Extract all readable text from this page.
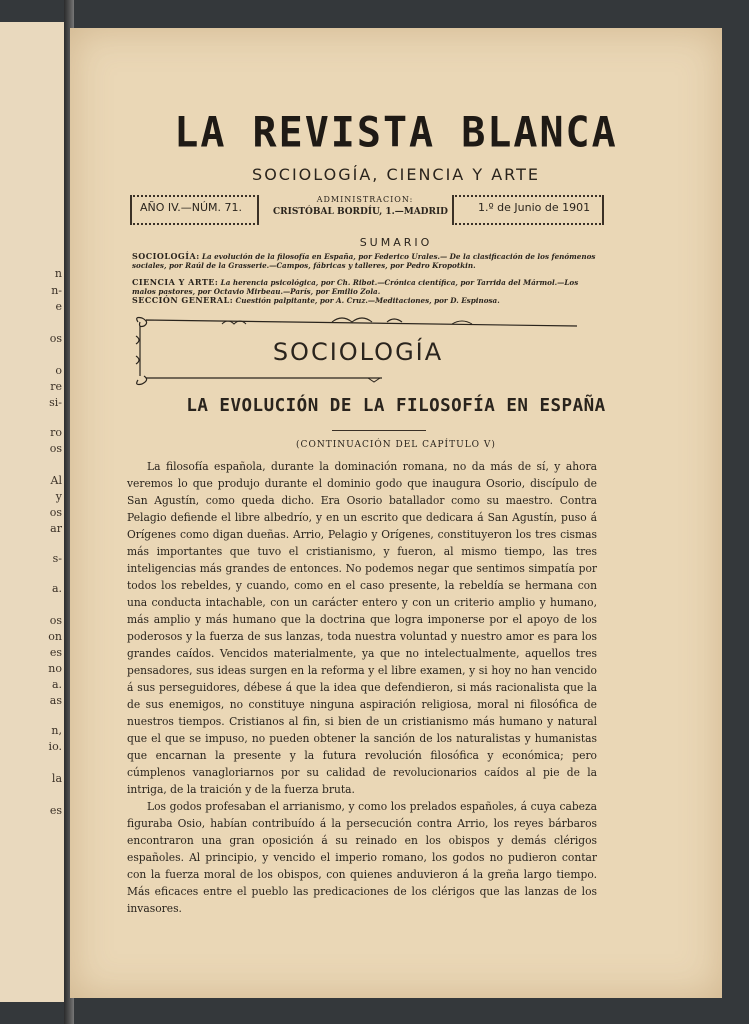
n
n-
e
os
o
re
si-
ro
os
Al
y
os
ar
s-
a.
os
on
es
no
a.
as
n,
io.
la
es
LA REVISTA BLANCA
SOCIOLOGÍA, CIENCIA Y ARTE
AÑO IV.—NÚM. 71.
ADMINISTRACION:
CRISTÓBAL BORDÍU, 1.—MADRID	1.º de Junio de 1901
SUMARIO
SOCIOLOGÍA: La evolución de la filosofía en España, por Federico Urales.— De la clasificación de los fenómenos sociales, por Raúl de la Grasserie.—Campos, fábricas y talleres, por Pedro Kropotkin.
CIENCIA Y ARTE: La herencia psicológica, por Ch. Ribot.—Crónica científica, por Tarrida del Mármol.—Los malos pastores, por Octavio Mirbeau.—París, por Emilio Zola.
SECCIÓN GENERAL: Cuestión palpitante, por A. Cruz.—Meditaciones, por D. Espinosa.
SOCIOLOGÍA
LA EVOLUCIÓN DE LA FILOSOFÍA EN ESPAÑA
(CONTINUACIÓN DEL CAPÍTULO V)

La filosofía española, durante la dominación romana, no da más de sí, y ahora veremos lo que produjo durante el dominio godo que inaugura Osorio, discípulo de San Agustín, como queda dicho. Era Osorio batallador como su maestro. Contra Pelagio defiende el libre albedrío, y en un escrito que dedicara á San Agustín, puso á Orígenes como digan dueñas. Arrio, Pelagio y Orígenes, constituyeron los tres cismas más importantes que tuvo el cristianismo, y fueron, al mismo tiempo, las tres inteligencias más grandes de entonces. No podemos negar que sentimos simpatía por todos los rebeldes, y cuando, como en el caso presente, la rebeldía se hermana con una conducta intachable, con un carácter entero y con un criterio amplio y humano, más amplio y más humano que la doctrina que logra imponerse por el apoyo de los poderosos y la fuerza de sus lanzas, toda nuestra voluntad y nuestro amor es para los grandes caídos. Vencidos materialmente, ya que no intelectualmente, aquellos tres pensadores, sus ideas surgen en la reforma y el libre examen, y si hoy no han vencido á sus perseguidores, débese á que la idea que defendieron, si más racionalista que la de sus enemigos, no constituye ninguna aspiración religiosa, moral ni filosófica de nuestros tiempos. Cristianos al fin, si bien de un cristianismo más humano y natural que el que se impuso, no pueden obtener la sanción de los naturalistas y humanistas que encarnan la presente y la futura revolución filosófica y económica; pero cúmplenos vanagloriarnos por su calidad de revolucionarios caídos al pie de la intriga, de la traición y de la fuerza bruta.

Los godos profesaban el arrianismo, y como los prelados españoles, á cuya cabeza figuraba Osio, habían contribuído á la persecución contra Arrio, los reyes bárbaros encontraron una gran oposición á su reinado en los obispos y demás clérigos españoles. Al principio, y vencido el imperio romano, los godos no pudieron contar con la fuerza moral de los obispos, con quienes anduvieron á la greña largo tiempo. Más eficaces entre el pueblo las predicaciones de los clérigos que las lanzas de los invasores.
